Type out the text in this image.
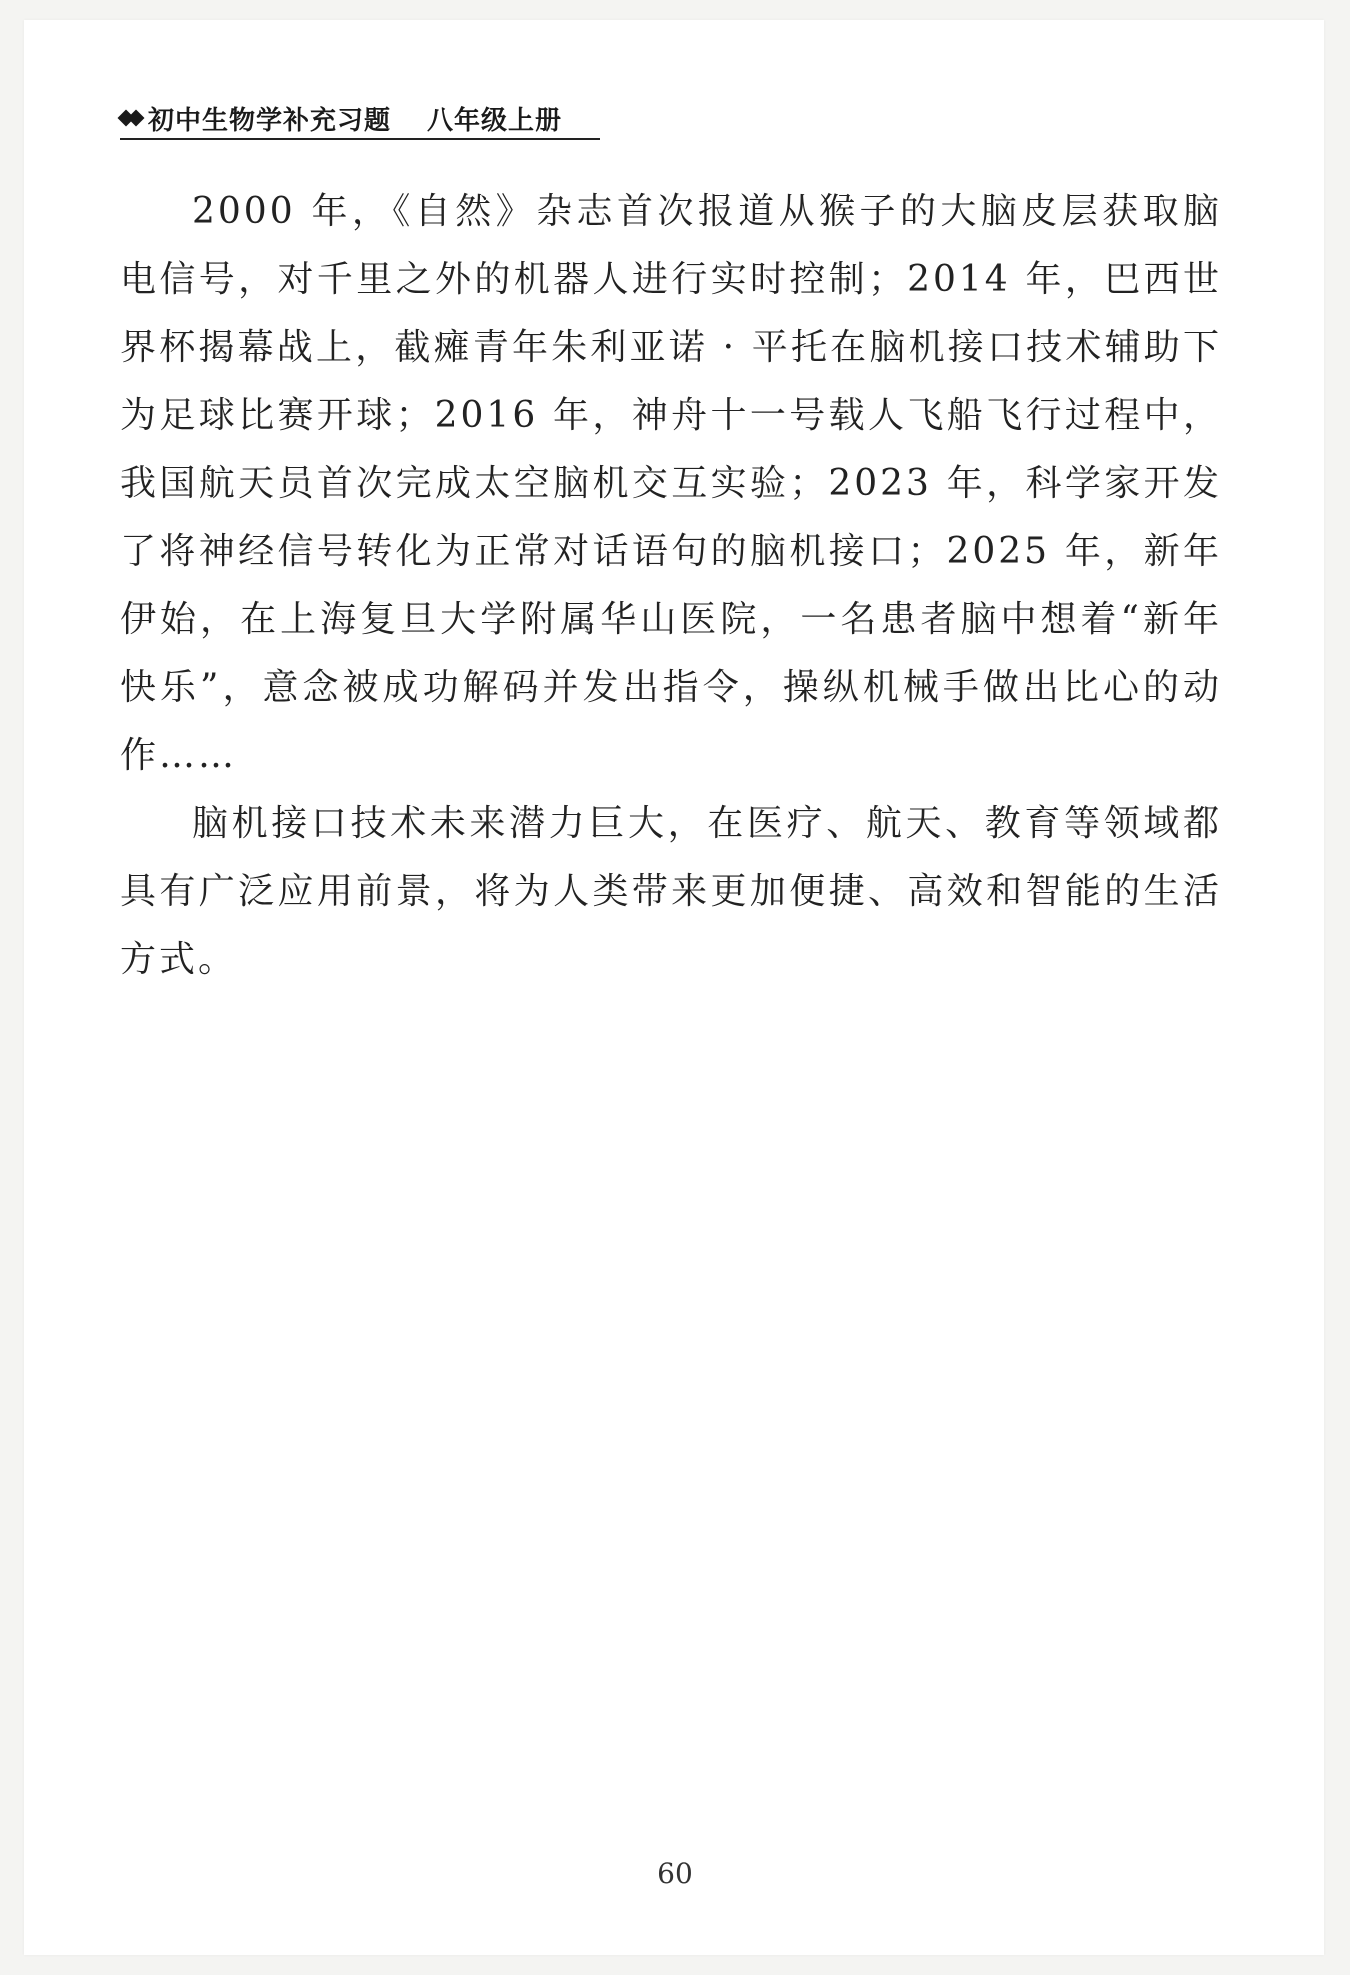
初中生物学补充习题 八年级上册

2000 年，《自然》杂志首次报道从猴子的大脑皮层获取脑电信号，对千里之外的机器人进行实时控制；2014 年，巴西世界杯揭幕战上，截瘫青年朱利亚诺 · 平托在脑机接口技术辅助下为足球比赛开球；2016 年，神舟十一号载人飞船飞行过程中，我国航天员首次完成太空脑机交互实验；2023 年，科学家开发了将神经信号转化为正常对话语句的脑机接口；2025 年，新年伊始，在上海复旦大学附属华山医院，一名患者脑中想着“新年快乐”，意念被成功解码并发出指令，操纵机械手做出比心的动作……

脑机接口技术未来潜力巨大，在医疗、航天、教育等领域都具有广泛应用前景，将为人类带来更加便捷、高效和智能的生活方式。

60
